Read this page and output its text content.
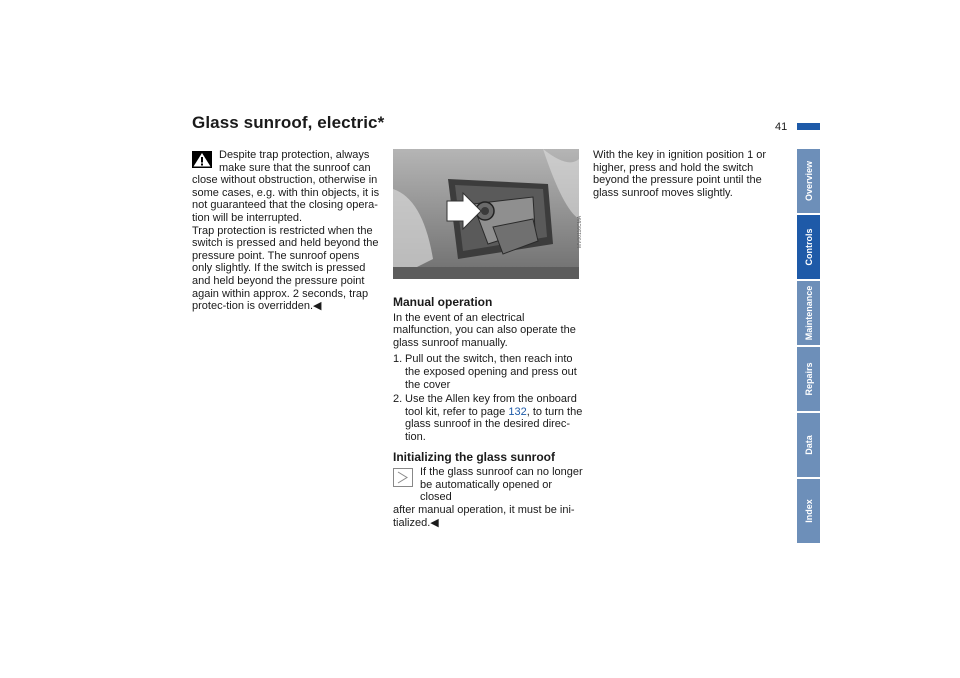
Glass sunroof, electric*	41

Despite trap protection, always make sure that the sunroof can

close without obstruction, otherwise in some cases, e.g. with thin objects, it is not guaranteed that the closing opera-tion will be interrupted.

Trap protection is restricted when the switch is pressed and held beyond the pressure point. The sunroof opens only slightly. If the switch is pressed and held beyond the pressure point again within approx. 2 seconds, trap protec-tion is overridden.◀

MV00116CMA
Manual operation

In the event of an electrical malfunction, you can also operate the glass sunroof manually.

1. Pull out the switch, then reach into the exposed opening and press out the cover
2. Use the Allen key from the onboard tool kit, refer to page 132, to turn the glass sunroof in the desired direc-tion.
Initializing the glass sunroof

If the glass sunroof can no longer be automatically opened or closed

after manual operation, it must be ini-tialized.◀

With the key in ignition position 1 or higher, press and hold the switch beyond the pressure point until the glass sunroof moves slightly.	Overview
Controls
Maintenance
Repairs
Data
Index
